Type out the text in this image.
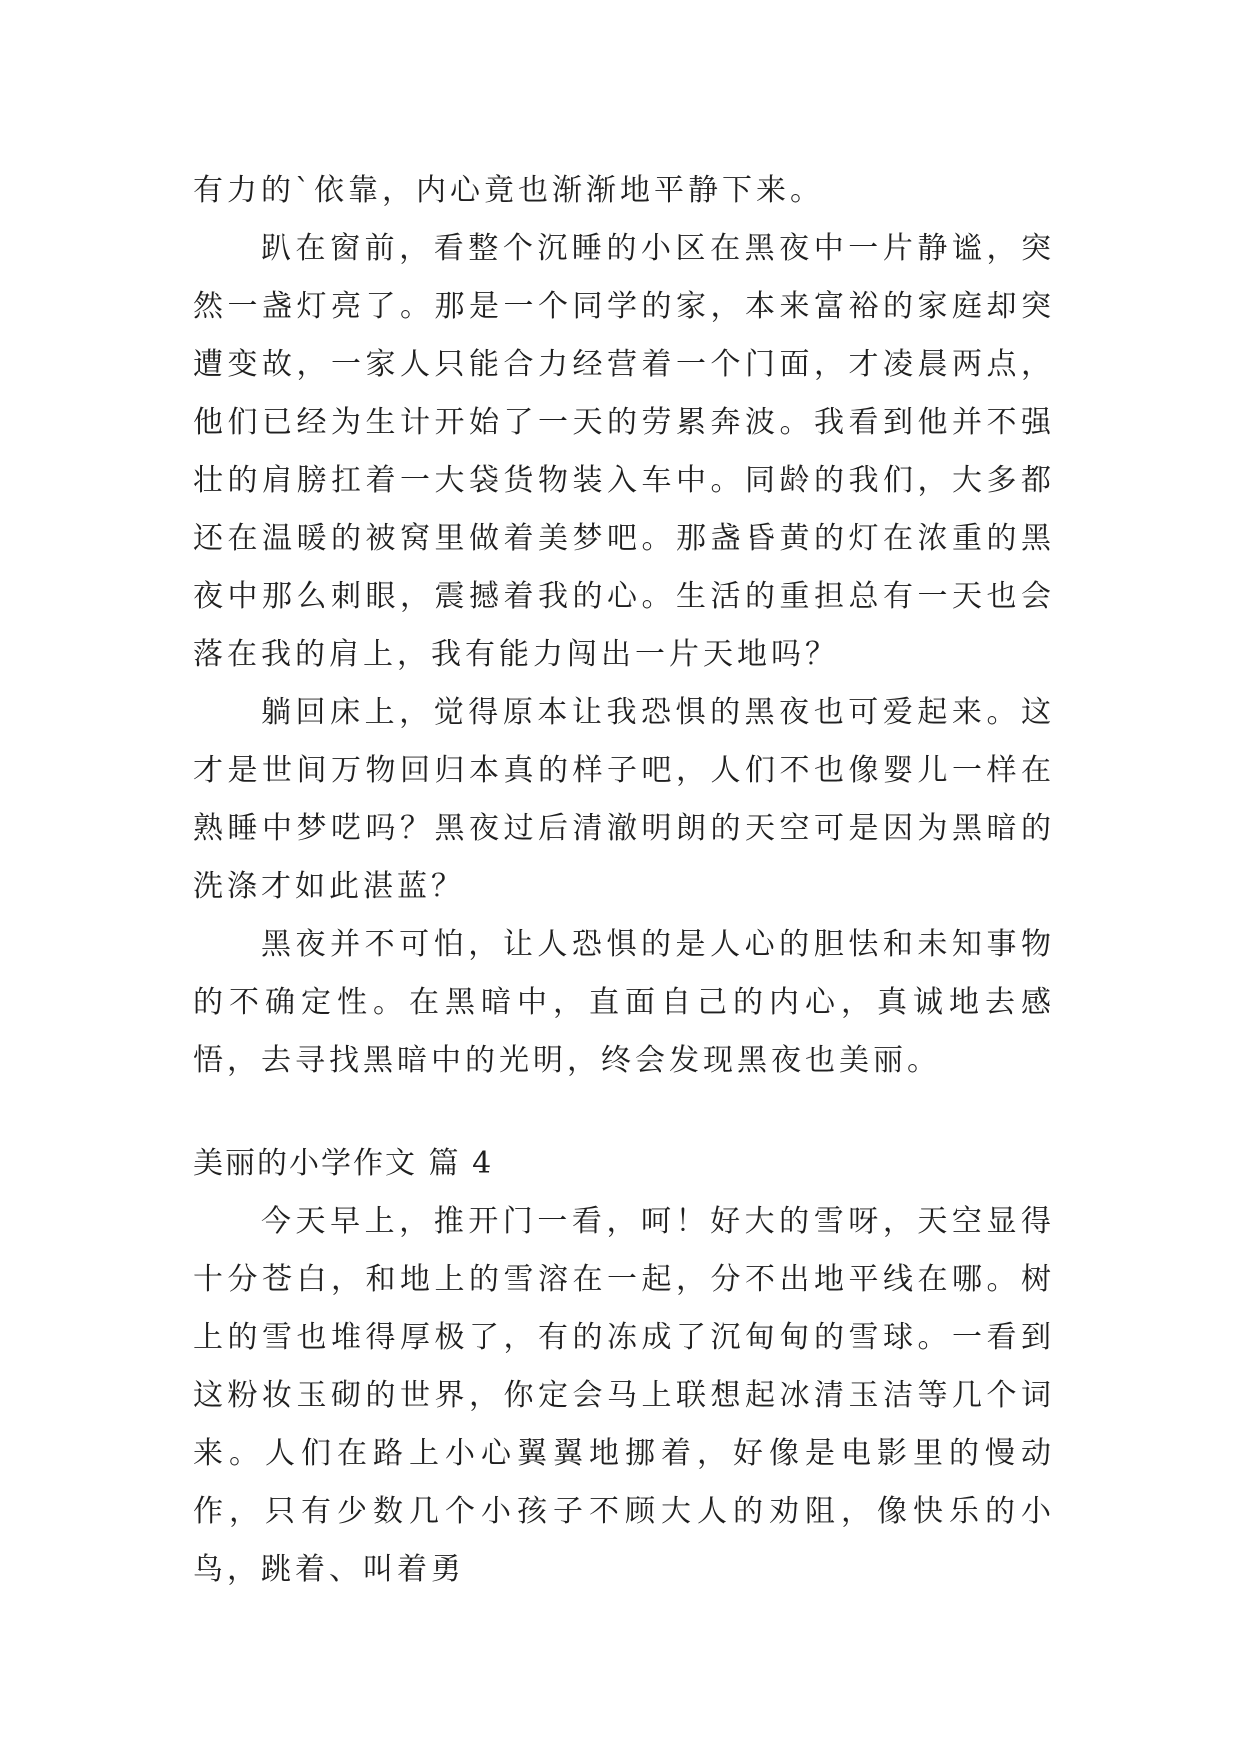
有力的`依靠，内心竟也渐渐地平静下来。

趴在窗前，看整个沉睡的小区在黑夜中一片静谧，突然一盏灯亮了。那是一个同学的家，本来富裕的家庭却突遭变故，一家人只能合力经营着一个门面，才凌晨两点，他们已经为生计开始了一天的劳累奔波。我看到他并不强壮的肩膀扛着一大袋货物装入车中。同龄的我们，大多都还在温暖的被窝里做着美梦吧。那盏昏黄的灯在浓重的黑夜中那么刺眼，震撼着我的心。生活的重担总有一天也会落在我的肩上，我有能力闯出一片天地吗？

躺回床上，觉得原本让我恐惧的黑夜也可爱起来。这才是世间万物回归本真的样子吧，人们不也像婴儿一样在熟睡中梦呓吗？黑夜过后清澈明朗的天空可是因为黑暗的洗涤才如此湛蓝？

黑夜并不可怕，让人恐惧的是人心的胆怯和未知事物的不确定性。在黑暗中，直面自己的内心，真诚地去感悟，去寻找黑暗中的光明，终会发现黑夜也美丽。

美丽的小学作文 篇 4

今天早上，推开门一看，呵！好大的雪呀，天空显得十分苍白，和地上的雪溶在一起，分不出地平线在哪。树上的雪也堆得厚极了，有的冻成了沉甸甸的雪球。一看到这粉妆玉砌的世界，你定会马上联想起冰清玉洁等几个词来。人们在路上小心翼翼地挪着，好像是电影里的慢动作，只有少数几个小孩子不顾大人的劝阻，像快乐的小鸟，跳着、叫着勇
